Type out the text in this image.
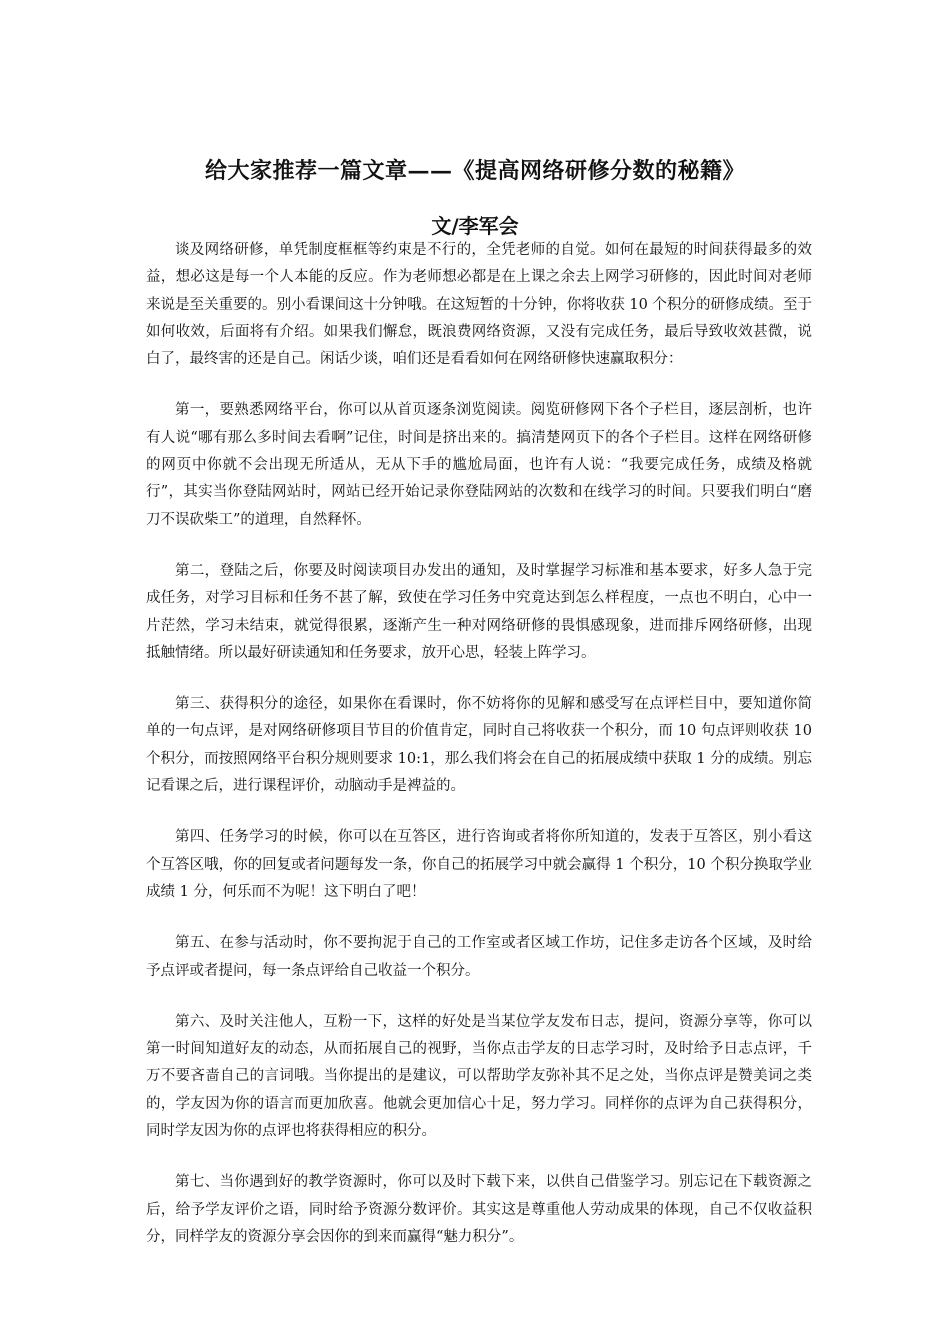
给大家推荐一篇文章——《提高网络研修分数的秘籍》
文/李军会

谈及网络研修，单凭制度框框等约束是不行的，全凭老师的自觉。如何在最短的时间获得最多的效益，想必这是每一个人本能的反应。作为老师想必都是在上课之余去上网学习研修的，因此时间对老师来说是至关重要的。别小看课间这十分钟哦。在这短暂的十分钟，你将收获 10 个积分的研修成绩。至于如何收效，后面将有介绍。如果我们懈怠，既浪费网络资源，又没有完成任务，最后导致收效甚微，说白了，最终害的还是自己。闲话少谈，咱们还是看看如何在网络研修快速赢取积分：

第一，要熟悉网络平台，你可以从首页逐条浏览阅读。阅览研修网下各个子栏目，逐层剖析，也许有人说“哪有那么多时间去看啊”记住，时间是挤出来的。搞清楚网页下的各个子栏目。这样在网络研修的网页中你就不会出现无所适从，无从下手的尴尬局面，也许有人说：“我要完成任务，成绩及格就行”，其实当你登陆网站时，网站已经开始记录你登陆网站的次数和在线学习的时间。只要我们明白“磨刀不误砍柴工”的道理，自然释怀。

第二，登陆之后，你要及时阅读项目办发出的通知，及时掌握学习标准和基本要求，好多人急于完成任务，对学习目标和任务不甚了解，致使在学习任务中究竟达到怎么样程度，一点也不明白，心中一片茫然，学习未结束，就觉得很累，逐渐产生一种对网络研修的畏惧感现象，进而排斥网络研修，出现抵触情绪。所以最好研读通知和任务要求，放开心思，轻装上阵学习。

第三、获得积分的途径，如果你在看课时，你不妨将你的见解和感受写在点评栏目中，要知道你简单的一句点评，是对网络研修项目节目的价值肯定，同时自己将收获一个积分，而 10 句点评则收获 10 个积分，而按照网络平台积分规则要求 10:1，那么我们将会在自己的拓展成绩中获取 1 分的成绩。别忘记看课之后，进行课程评价，动脑动手是裨益的。

第四、任务学习的时候，你可以在互答区，进行咨询或者将你所知道的，发表于互答区，别小看这个互答区哦，你的回复或者问题每发一条，你自己的拓展学习中就会赢得 1 个积分，10 个积分换取学业成绩 1 分，何乐而不为呢！这下明白了吧！

第五、在参与活动时，你不要拘泥于自己的工作室或者区域工作坊，记住多走访各个区域，及时给予点评或者提问，每一条点评给自己收益一个积分。

第六、及时关注他人，互粉一下，这样的好处是当某位学友发布日志，提问，资源分享等，你可以第一时间知道好友的动态，从而拓展自己的视野，当你点击学友的日志学习时，及时给予日志点评，千万不要吝啬自己的言词哦。当你提出的是建议，可以帮助学友弥补其不足之处，当你点评是赞美词之类的，学友因为你的语言而更加欣喜。他就会更加信心十足，努力学习。同样你的点评为自己获得积分，同时学友因为你的点评也将获得相应的积分。

第七、当你遇到好的教学资源时，你可以及时下载下来，以供自己借鉴学习。别忘记在下载资源之后，给予学友评价之语，同时给予资源分数评价。其实这是尊重他人劳动成果的体现，自己不仅收益积分，同样学友的资源分享会因你的到来而赢得“魅力积分”。
